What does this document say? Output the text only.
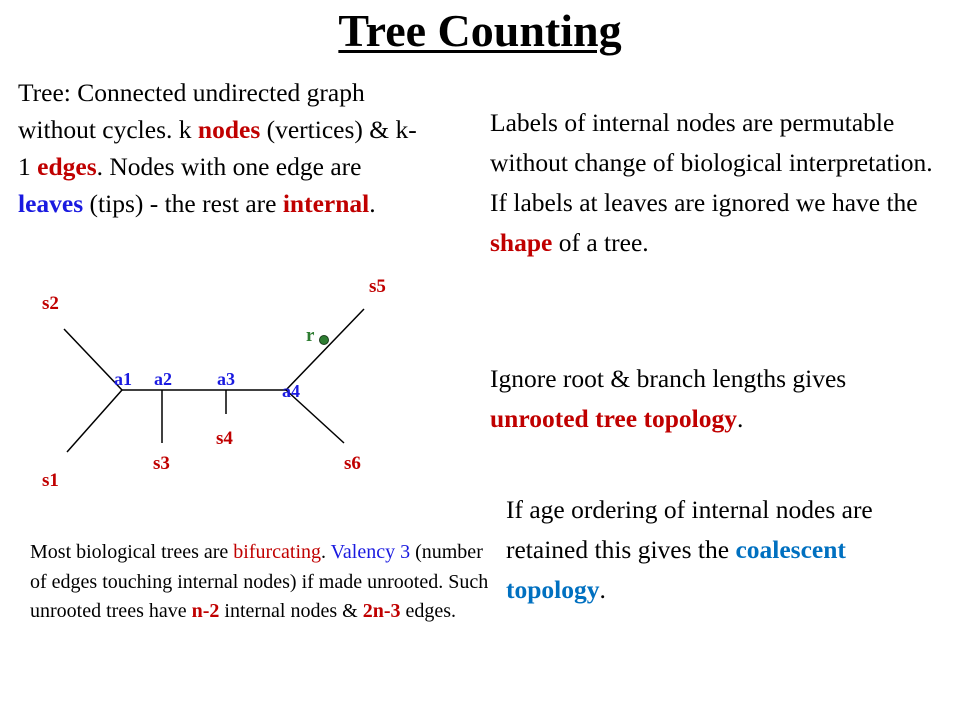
Tree Counting

Tree: Connected undirected graph without cycles. k nodes (vertices) & k-1 edges. Nodes with one edge are leaves (tips) - the rest are internal.

Labels of internal nodes are permutable without change of biological interpretation. If labels at leaves are ignored we have the shape of a tree.

Ignore root & branch lengths gives unrooted tree topology.

If age ordering of internal nodes are retained this gives the coalescent topology.

Most biological trees are bifurcating. Valency 3 (number of edges touching internal nodes) if made unrooted. Such unrooted trees have n-2 internal nodes & 2n-3 edges.

s2
s1
s3
s4
s5
s6
a1 a2	a3
a4
r
